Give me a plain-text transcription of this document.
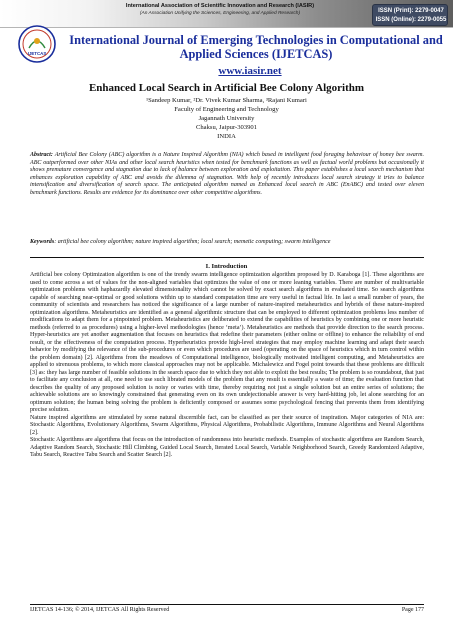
International Association of Scientific Innovation and Research (IASIR)
(An Association Unifying the Sciences, Engineering, and Applied Research)	ISSN (Print): 2279-0047
ISSN (Online): 2279-0055
IJETCAS
International Journal of Emerging Technologies in Computational and Applied Sciences (IJETCAS)
www.iasir.net
Enhanced Local Search in Artificial Bee Colony Algorithm
¹Sandeep Kumar, ²Dr. Vivek Kumar Sharma, ³Rajani Kumari
Faculty of Engineering and Technology
Jagannath University
Chaksu, Jaipur-303901
INDIA
Abstract: Artificial Bee Colony (ABC) algorithm is a Nature Inspired Algorithm (NIA) which based in intelligent food foraging behaviour of honey bee swarm. ABC outperformed over other NIAs and other local search heuristics when tested for benchmark functions as well as factual world problems but occasionally it shows premature convergence and stagnation due to lack of balance between exploration and exploitation. This paper establishes a local search mechanism that enhances exploration capability of ABC and avoids the dilemma of stagnation. With help of recently introduces local search strategy it tries to balance intensification and diversification of search space. The anticipated algorithm named as Enhanced local search in ABC (EnABC) and tested over eleven benchmark functions. Results are evidence for its dominance over other competitive algorithms.
Keywords: artificial bee colony algorithm; nature inspired algorithm; local search; memetic computing; swarm intelligence
I. Introduction

Artificial bee colony Optimization algorithm is one of the trendy swarm intelligence optimization algorithm proposed by D. Karaboga [1]. These algorithms are used to come across a set of values for the non-aligned variables that optimizes the value of one or more leaning variables. There are number of multivariable optimization problems with haphazardly elevated dimensionality which cannot be solved by exact search algorithms in evaluated time. So search algorithms capable of searching near-optimal or good solutions within up to standard computation time are very useful in factual life. In last a small number of years, the community of scientists and researchers has noticed the significance of a large number of nature-inspired metaheuristics and hybrids of these nature-inspired optimization algorithms. Metaheuristics are identified as a general algorithmic structure that can be employed to different optimization problems less number of modifications to adapt them for a pinpointed problem. Metaheuristics are deliberated to extend the capabilities of heuristics by combining one or more heuristic methods (referred to as procedures) using a higher-level methodologies (hence ‘meta’). Metaheuristics are methods that provide direction to the search process. Hyper-heuristics are yet another augmentation that focuses on heuristics that redefine their parameters (either online or offline) to enhance the reliability of end result, or the effectiveness of the computation process. Hyperheuristics provide high-level strategies that may employ machine learning and adapt their search behavior by modifying the relevance of the sub-procedures or even which procedures are used (operating on the space of heuristics which in turn control within the problem domain) [2]. Algorithms from the meadows of Computational intelligence, biologically motivated intelligent computing, and Metaheuristics are applied to strenuous problems, to which more classical approaches may not be applicable. Michalewicz and Fogel point towards that these problems are difficult [3] as: they has large number of feasible solutions in the search space due to which they not able to exploit the best results; The problem is so roundabout, that just to facilitate any conclusion at all, one need to use such librated models of the problem that any result is essentially a waste of time; the evaluation function that describes the quality of any proposed solution is noisy or varies with time, thereby requiring not just a single solution but an entire series of solutions; the achievable solutions are so knowingly constrained that generating even on its own undejectionable answer is very hard-hitting job, let alone searching for an optimum solution; the human being solving the problem is deficiently composed or assumes some psychological fencing that prevents them from identifying precise solution.

Nature inspired algorithms are stimulated by some natural discernible fact, can be classified as per their source of inspiration. Major categories of NIA are: Stochastic Algorithms, Evolutionary Algorithms, Swarm Algorithms, Physical Algorithms, Probabilistic Algorithms, Immune Algorithms and Neural Algorithms [2].

Stochastic Algorithms are algorithms that focus on the introduction of randomness into heuristic methods. Examples of stochastic algorithms are Random Search, Adaptive Random Search, Stochastic Hill Climbing, Guided Local Search, Iterated Local Search, Variable Neighborhood Search, Greedy Randomized Adaptive, Tabu Search, Reactive Tabu Search and Scatter Search [2].

IJETCAS 14-136; © 2014, IJETCAS All Rights Reserved	Page 177
